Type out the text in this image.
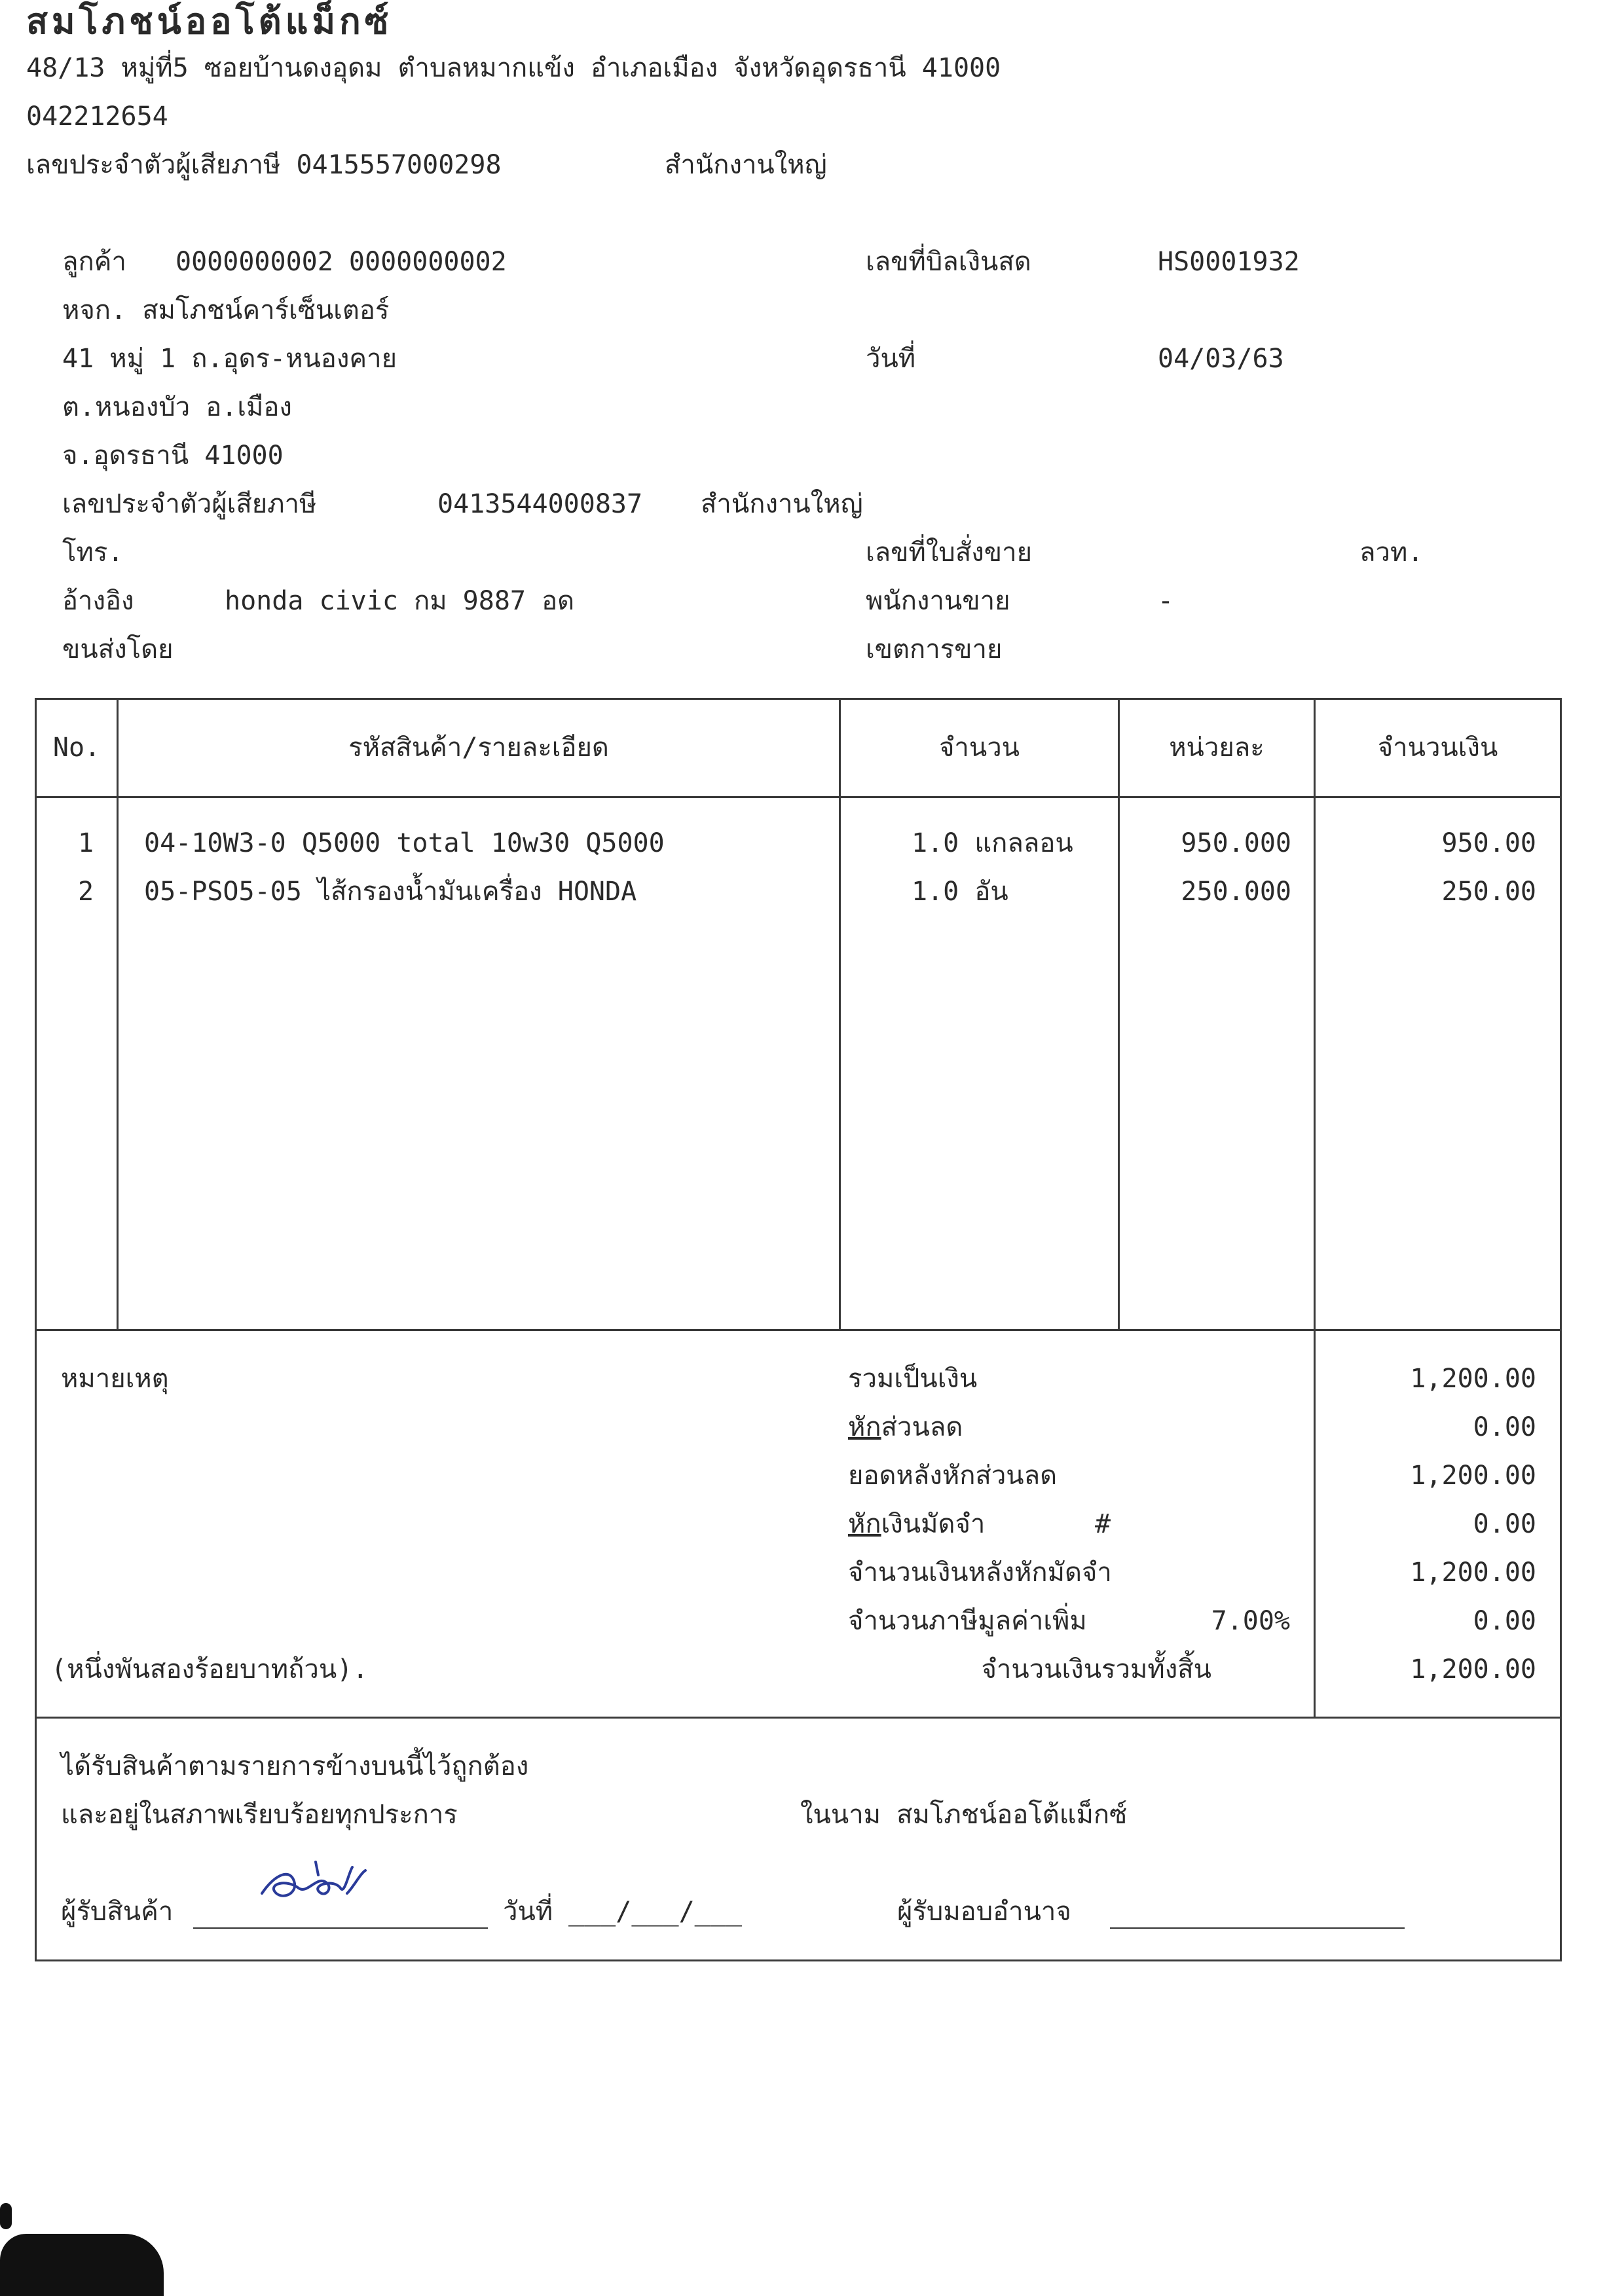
สมโภชน์ออโต้แม็กซ์
48/13 หมู่ที่5 ซอยบ้านดงอุดม ตำบลหมากแข้ง อำเภอเมือง จังหวัดอุดรธานี 41000
042212654
เลขประจำตัวผู้เสียภาษี 0415557000298	สำนักงานใหญ่
ลูกค้า 0000000002 0000000002
หจก. สมโภชน์คาร์เซ็นเตอร์
41 หมู่ 1 ถ.อุดร-หนองคาย
ต.หนองบัว อ.เมือง
จ.อุดรธานี 41000
เลขประจำตัวผู้เสียภาษี	0413544000837 สำนักงานใหญ่
โทร.
อ้างอิง	honda civic กม 9887 อด
ขนส่งโดย
เลขที่บิลเงินสด	HS0001932
วันที่	04/03/63
เลขที่ใบสั่งขาย	ลวท.
พนักงานขาย	-
เขตการขาย
No.	รหัสสินค้า/รายละเอียด	จำนวน	หน่วยละ	จำนวนเงิน
1	04-10W3-0 Q5000 total 10w30 Q5000	1.0 แกลลอน	950.000	950.00
2	05-PSO5-05 ไส้กรองน้ำมันเครื่อง HONDA	1.0 อัน	250.000	250.00
หมายเหตุ
(หนึ่งพันสองร้อยบาทถ้วน).
รวมเป็นเงิน	1,200.00
หักส่วนลด	0.00
ยอดหลังหักส่วนลด	1,200.00
หักเงินมัดจำ	#	0.00
จำนวนเงินหลังหักมัดจำ	1,200.00
จำนวนภาษีมูลค่าเพิ่ม	7.00%	0.00
จำนวนเงินรวมทั้งสิ้น	1,200.00
ได้รับสินค้าตามรายการข้างบนนี้ไว้ถูกต้อง
และอยู่ในสภาพเรียบร้อยทุกประการ	ในนาม สมโภชน์ออโต้แม็กซ์
ผู้รับสินค้า	วันที่ ___/___/___	ผู้รับมอบอำนาจ
